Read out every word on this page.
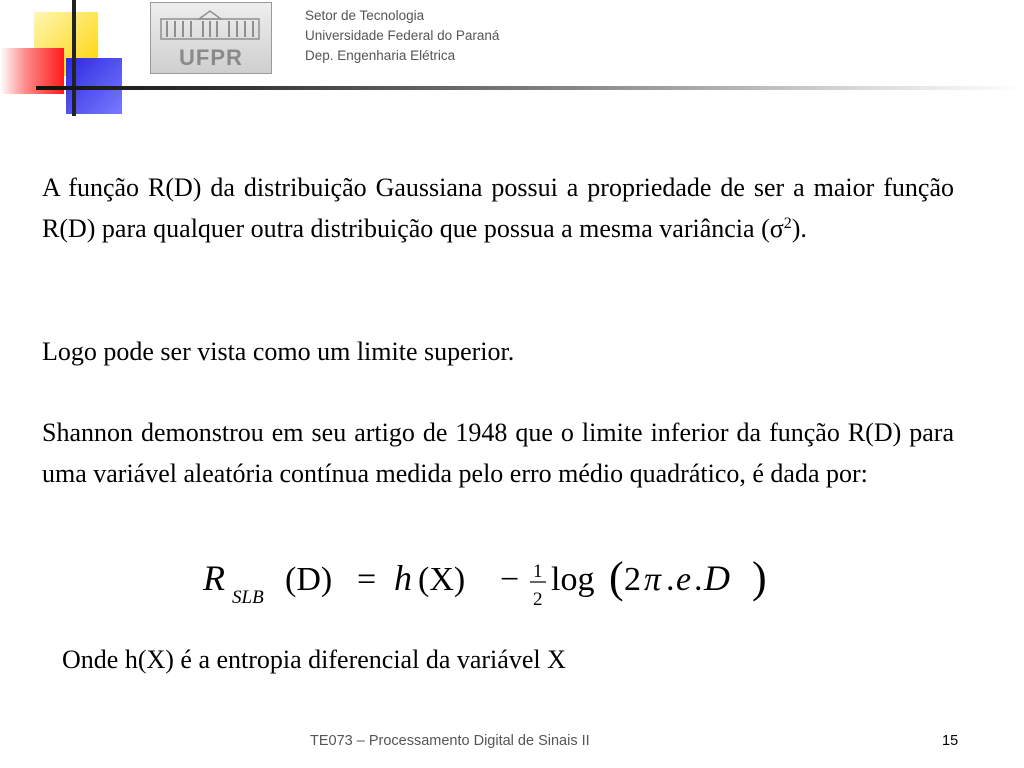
UFPR
Setor de Tecnologia
Universidade Federal do Paraná
Dep. Engenharia Elétrica
A função R(D) da distribuição Gaussiana possui a propriedade de ser a maior função R(D) para qualquer outra distribuição que possua a mesma variância $(\sigma^2)$.
Logo pode ser vista como um limite superior.
Shannon demonstrou em seu artigo de 1948 que o limite inferior da função R(D) para uma variável aleatória contínua medida pelo erro médio quadrático, é dada por:
R SLB (D) = h (X) − 1
2
log ( 2 π . e . D )
Onde h(X) é a entropia diferencial da variável X
TE073 – Processamento Digital de Sinais II	15
